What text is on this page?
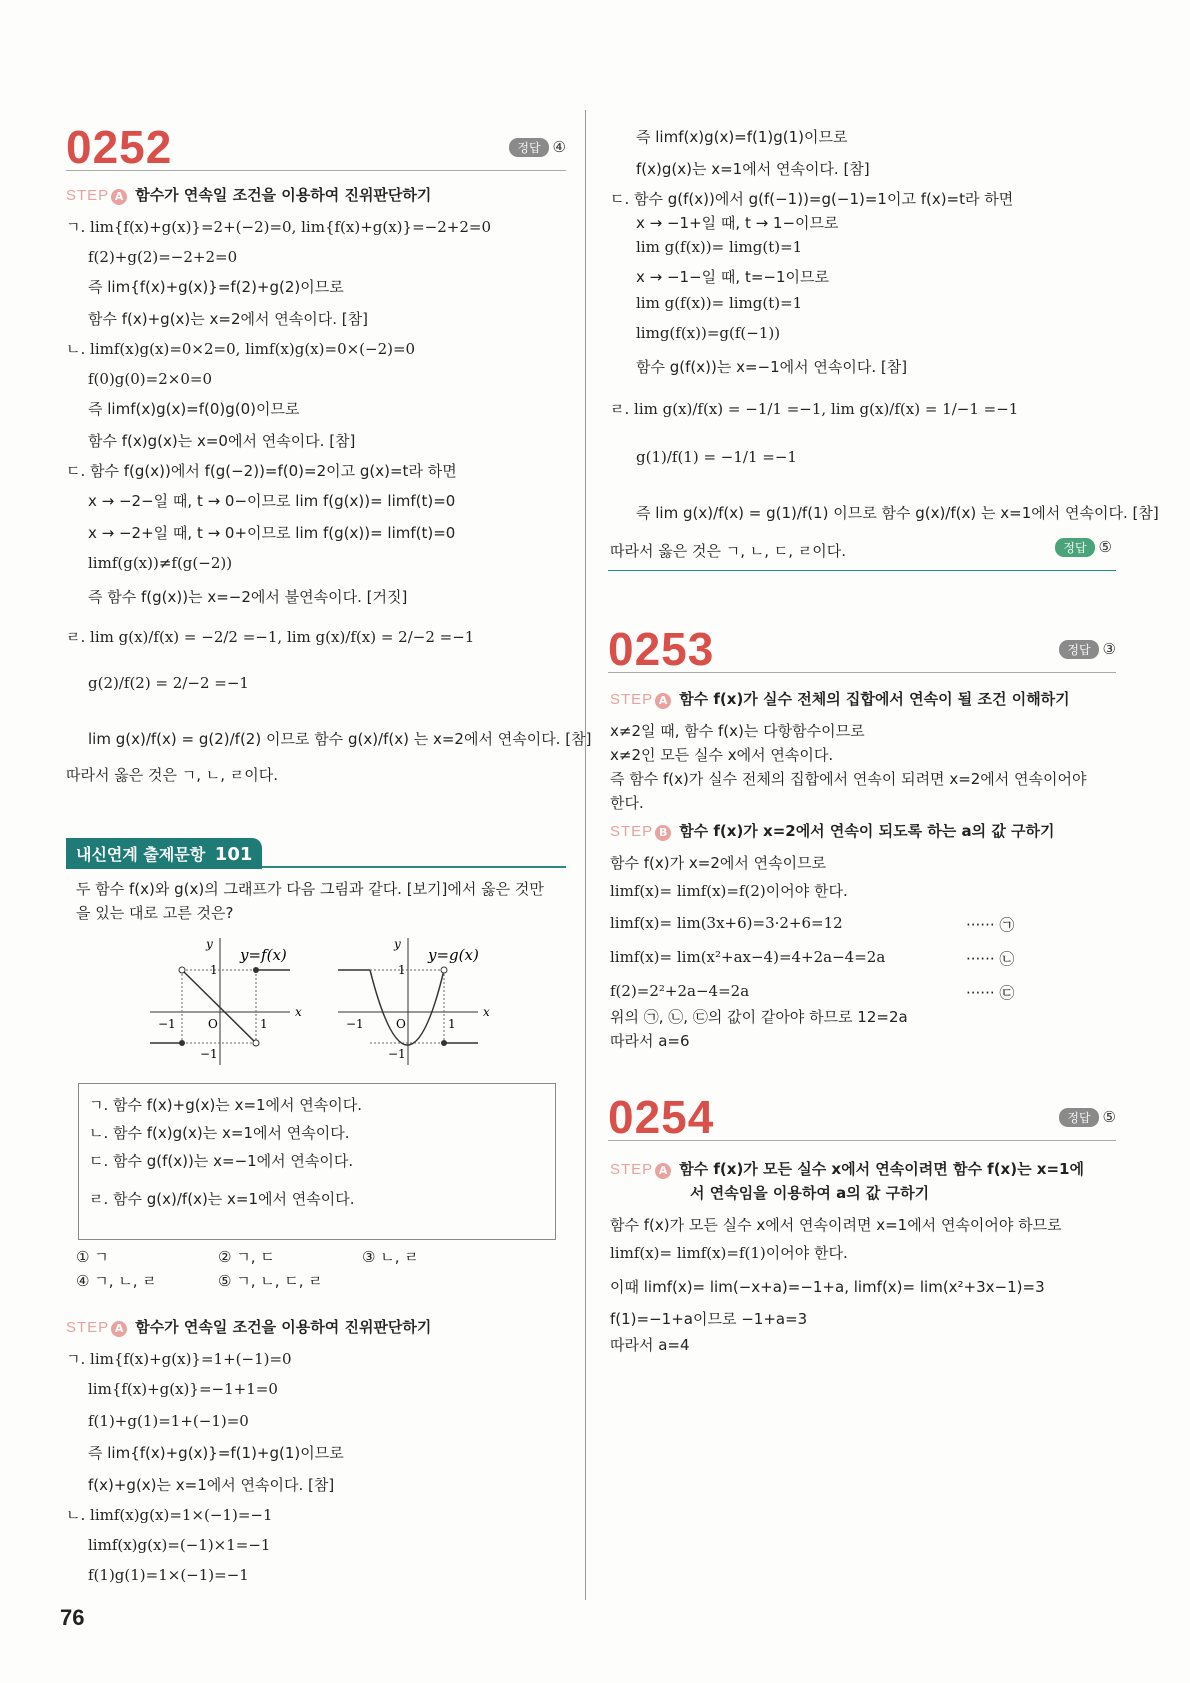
0252	정답 ④
STEP A 함수가 연속일 조건을 이용하여 진위판단하기
ㄱ. lim{f(x)+g(x)}=2+(−2)=0, lim{f(x)+g(x)}=−2+2=0
f(2)+g(2)=−2+2=0
즉 lim{f(x)+g(x)}=f(2)+g(2)이므로
함수 f(x)+g(x)는 x=2에서 연속이다. [참]
ㄴ. limf(x)g(x)=0×2=0, limf(x)g(x)=0×(−2)=0
f(0)g(0)=2×0=0
즉 limf(x)g(x)=f(0)g(0)이므로
함수 f(x)g(x)는 x=0에서 연속이다. [참]
ㄷ. 함수 f(g(x))에서 f(g(−2))=f(0)=2이고 g(x)=t라 하면
x → −2−일 때, t → 0−이므로 lim f(g(x))= limf(t)=0
x → −2+일 때, t → 0+이므로 lim f(g(x))= limf(t)=0
limf(g(x))≠f(g(−2))
즉 함수 f(g(x))는 x=−2에서 불연속이다. [거짓]
ㄹ. lim g(x)/f(x) = −2/2 =−1, lim g(x)/f(x) = 2/−2 =−1
g(2)/f(2) = 2/−2 =−1
lim g(x)/f(x) = g(2)/f(2) 이므로 함수 g(x)/f(x) 는 x=2에서 연속이다. [참]
따라서 옳은 것은 ㄱ, ㄴ, ㄹ이다.
내신연계 출제문항 101
두 함수 f(x)와 g(x)의 그래프가 다음 그림과 같다. [보기]에서 옳은 것만
을 있는 대로 고른 것은?
y
y=f(x)
x
1
−1	O	1
−1
y
y=g(x)
x
1
−1	O	1
−1
ㄱ. 함수 f(x)+g(x)는 x=1에서 연속이다.
ㄴ. 함수 f(x)g(x)는 x=1에서 연속이다.
ㄷ. 함수 g(f(x))는 x=−1에서 연속이다.
ㄹ. 함수 g(x)/f(x)는 x=1에서 연속이다.
① ㄱ	② ㄱ, ㄷ	③ ㄴ, ㄹ
④ ㄱ, ㄴ, ㄹ	⑤ ㄱ, ㄴ, ㄷ, ㄹ
STEP A 함수가 연속일 조건을 이용하여 진위판단하기
ㄱ. lim{f(x)+g(x)}=1+(−1)=0
lim{f(x)+g(x)}=−1+1=0
f(1)+g(1)=1+(−1)=0
즉 lim{f(x)+g(x)}=f(1)+g(1)이므로
f(x)+g(x)는 x=1에서 연속이다. [참]
ㄴ. limf(x)g(x)=1×(−1)=−1
limf(x)g(x)=(−1)×1=−1
f(1)g(1)=1×(−1)=−1
76
즉 limf(x)g(x)=f(1)g(1)이므로
f(x)g(x)는 x=1에서 연속이다. [참]
ㄷ. 함수 g(f(x))에서 g(f(−1))=g(−1)=1이고 f(x)=t라 하면
x → −1+일 때, t → 1−이므로
lim g(f(x))= limg(t)=1
x → −1−일 때, t=−1이므로
lim g(f(x))= limg(t)=1
limg(f(x))=g(f(−1))
함수 g(f(x))는 x=−1에서 연속이다. [참]
ㄹ. lim g(x)/f(x) = −1/1 =−1, lim g(x)/f(x) = 1/−1 =−1
g(1)/f(1) = −1/1 =−1
즉 lim g(x)/f(x) = g(1)/f(1) 이므로 함수 g(x)/f(x) 는 x=1에서 연속이다. [참]
따라서 옳은 것은 ㄱ, ㄴ, ㄷ, ㄹ이다.	정답 ⑤
0253	정답 ③
STEP A 함수 f(x)가 실수 전체의 집합에서 연속이 될 조건 이해하기
x≠2일 때, 함수 f(x)는 다항함수이므로
x≠2인 모든 실수 x에서 연속이다.
즉 함수 f(x)가 실수 전체의 집합에서 연속이 되려면 x=2에서 연속이어야
한다.
STEP B 함수 f(x)가 x=2에서 연속이 되도록 하는 a의 값 구하기
함수 f(x)가 x=2에서 연속이므로
limf(x)= limf(x)=f(2)이어야 한다.
limf(x)= lim(3x+6)=3·2+6=12	······ ㉠
limf(x)= lim(x²+ax−4)=4+2a−4=2a	······ ㉡
f(2)=2²+2a−4=2a	······ ㉢
위의 ㉠, ㉡, ㉢의 값이 같아야 하므로 12=2a
따라서 a=6
0254	정답 ⑤
STEP A 함수 f(x)가 모든 실수 x에서 연속이려면 함수 f(x)는 x=1에
서 연속임을 이용하여 a의 값 구하기
함수 f(x)가 모든 실수 x에서 연속이려면 x=1에서 연속이어야 하므로
limf(x)= limf(x)=f(1)이어야 한다.
이때 limf(x)= lim(−x+a)=−1+a, limf(x)= lim(x²+3x−1)=3
f(1)=−1+a이므로 −1+a=3
따라서 a=4
